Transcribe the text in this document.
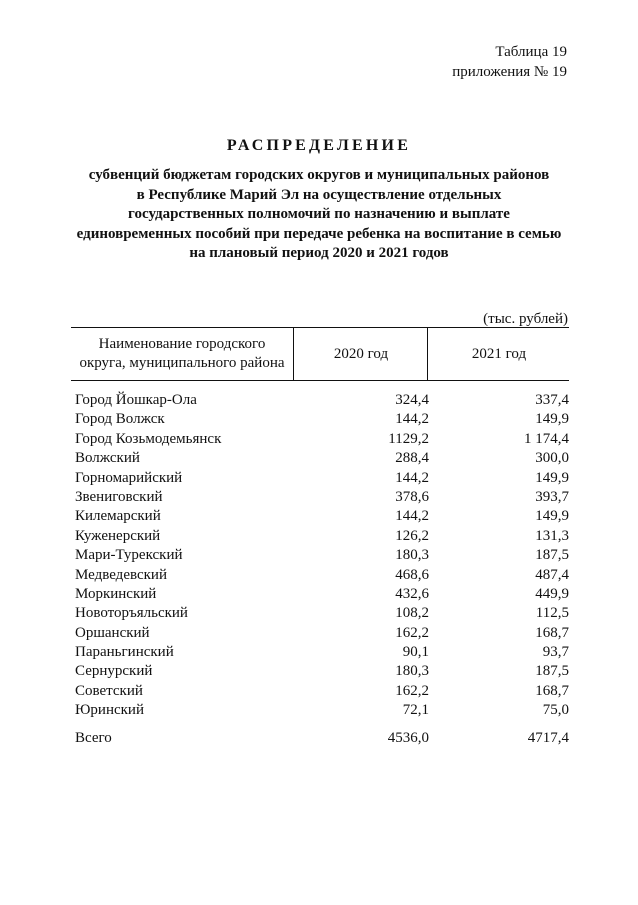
Таблица 19
приложения № 19
РАСПРЕДЕЛЕНИЕ
субвенций бюджетам городских округов и муниципальных районов
в Республике Марий Эл на осуществление отдельных
государственных полномочий по назначению и выплате
единовременных пособий при передаче ребенка на воспитание в семью
на плановый период 2020 и 2021 годов
(тыс. рублей)
Наименование городского
округа, муниципального района
2020 год	2021 год
Город Йошкар-Ола	324,4	337,4
Город Волжск	144,2	149,9
Город Козьмодемьянск	1129,2	1 174,4
Волжский	288,4	300,0
Горномарийский	144,2	149,9
Звениговский	378,6	393,7
Килемарский	144,2	149,9
Куженерский	126,2	131,3
Мари-Турекский	180,3	187,5
Медведевский	468,6	487,4
Моркинский	432,6	449,9
Новоторъяльский	108,2	112,5
Оршанский	162,2	168,7
Параньгинский	90,1	93,7
Сернурский	180,3	187,5
Советский	162,2	168,7
Юринский	72,1	75,0
Всего	4536,0	4717,4
